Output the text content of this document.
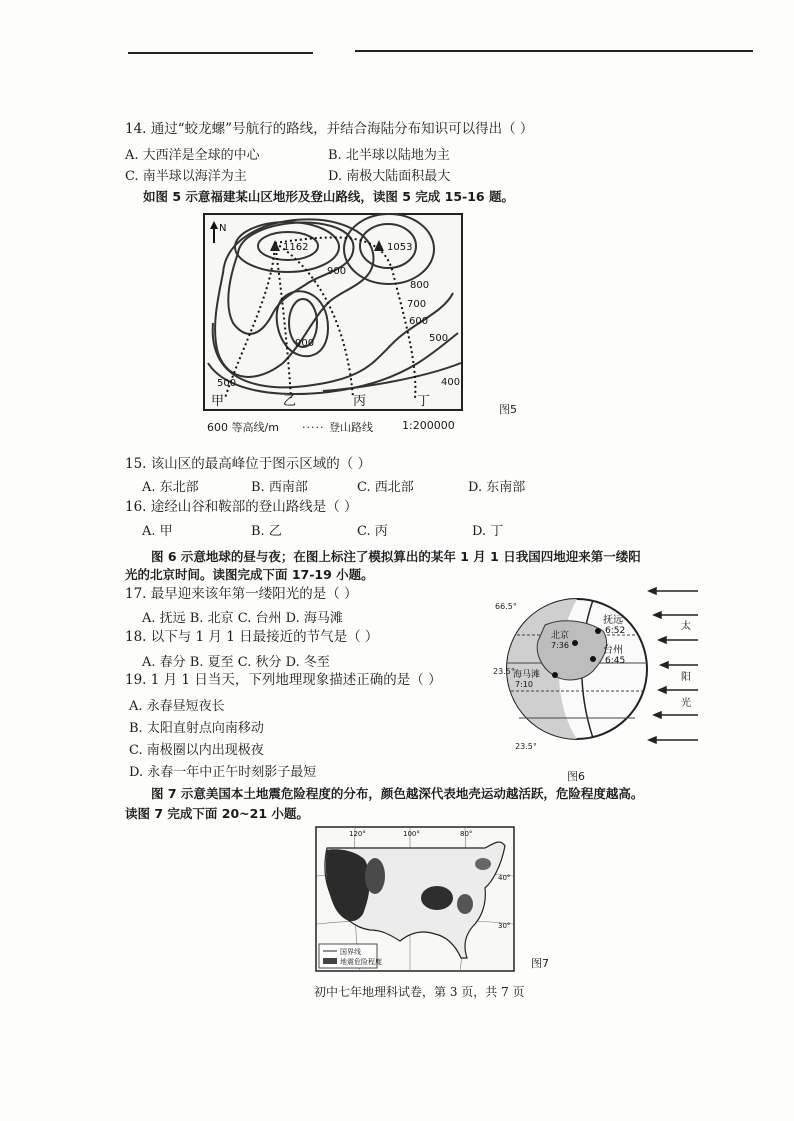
14. 通过“蛟龙螺”号航行的路线，并结合海陆分布知识可以得出（ ）
A. 大西洋是全球的中心	B. 北半球以陆地为主
C. 南半球以海洋为主	D. 南极大陆面积最大
如图 5 示意福建某山区地形及登山路线，读图 5 完成 15-16 题。
1162	1053
900
900
800
700
600
500
500	400
N
甲	乙	丙	丁
图5
600 等高线/m ····· 登山路线	1:200000
15. 该山区的最高峰位于图示区域的（ ）
A. 东北部	B. 西南部	C. 西北部	D. 东南部
16. 途经山谷和鞍部的登山路线是（ ）
A. 甲	B. 乙	C. 丙	D. 丁
图 6 示意地球的昼与夜；在图上标注了模拟算出的某年 1 月 1 日我国四地迎来第一缕阳
光的北京时间。读图完成下面 17-19 小题。
17. 最早迎来该年第一缕阳光的是（ ）
A. 抚远 B. 北京 C. 台州 D. 海马滩
18. 以下与 1 月 1 日最接近的节气是（ ）
A. 春分 B. 夏至 C. 秋分 D. 冬至
19. 1 月 1 日当天，下列地理现象描述正确的是（ ）
A. 永春昼短夜长
B. 太阳直射点向南移动
C. 南极圈以内出现极夜
D. 永春一年中正午时刻影子最短
66.5°
23.5°
23.5°
抚远
6:52
台州
6:45
北京
7:36
海马滩
7:10
太
阳
光
图6
图 7 示意美国本土地震危险程度的分布，颜色越深代表地壳运动越活跃，危险程度越高。
读图 7 完成下面 20~21 小题。
国界线
地震危险程度
120°	100°	80°
40°
30°
图7
初中七年地理科试卷，第 3 页，共 7 页
